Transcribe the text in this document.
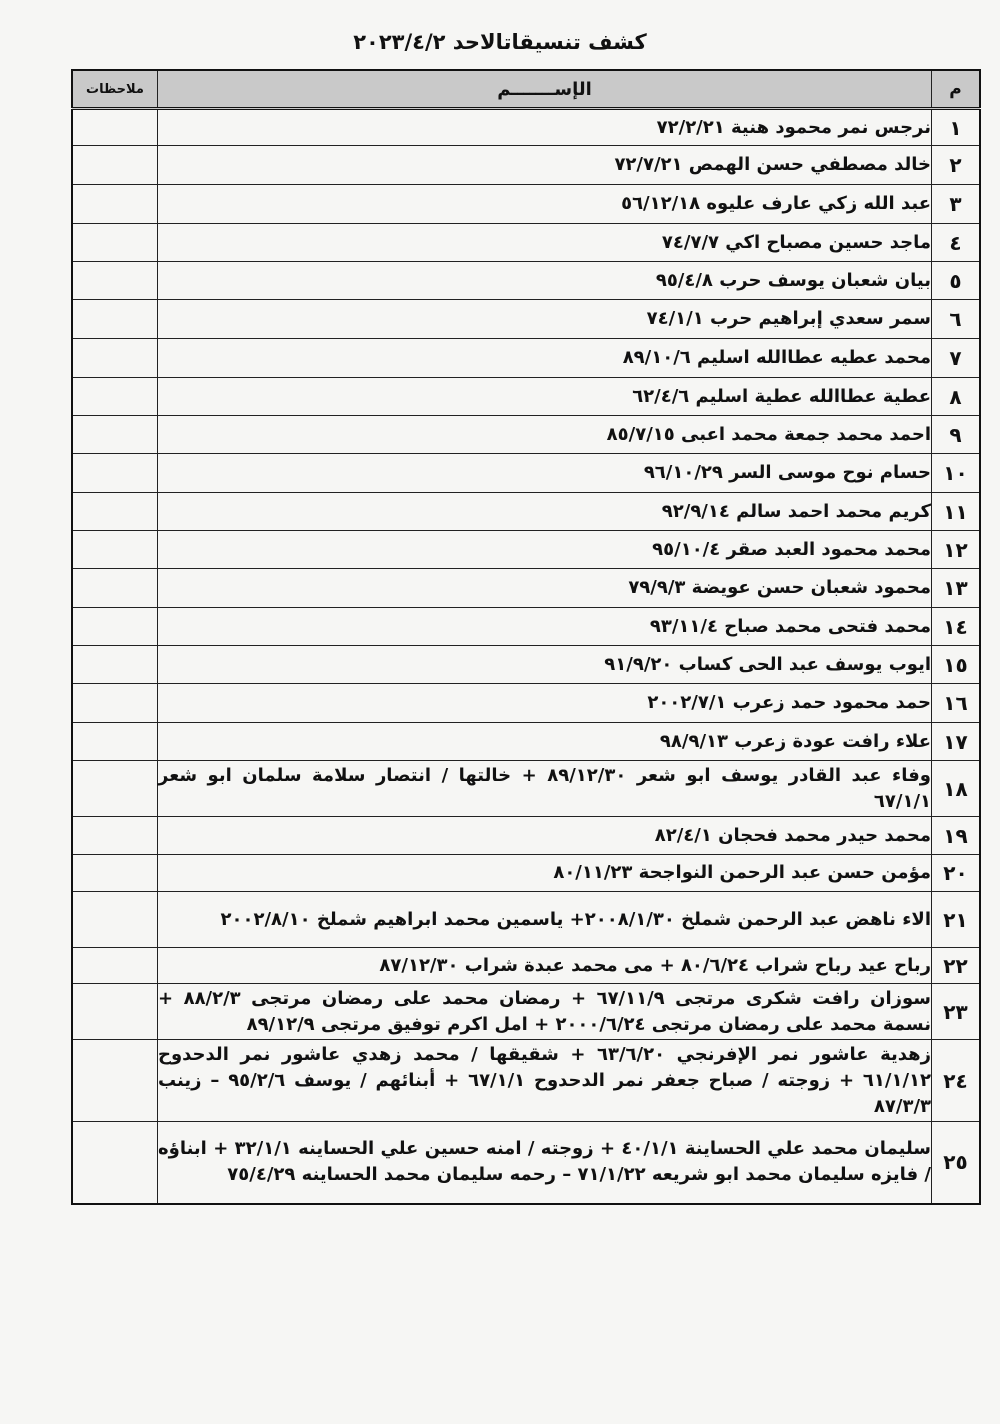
كشف تنسيقاتالاحد ٢٠٢٣/٤/٢
م	الإســـــــم	ملاحظات
١	نرجس نمر محمود هنية ٧٢/٢/٢١	
٢	خالد مصطفي حسن الهمص ٧٢/٧/٢١	
٣	عبد الله زكي عارف عليوه ٥٦/١٢/١٨	
٤	ماجد حسين مصباح اكي ٧٤/٧/٧	
٥	بيان شعبان يوسف حرب ٩٥/٤/٨	
٦	سمر سعدي إبراهيم حرب ٧٤/١/١	
٧	محمد عطيه عطاالله اسليم ٨٩/١٠/٦	
٨	عطية عطاالله عطية اسليم ٦٢/٤/٦	
٩	احمد محمد جمعة محمد اعبى ٨٥/٧/١٥	
١٠	حسام نوح موسى السر ٩٦/١٠/٢٩	
١١	كريم محمد احمد سالم ٩٢/٩/١٤	
١٢	محمد محمود العبد صقر ٩٥/١٠/٤	
١٣	محمود شعبان حسن عويضة ٧٩/٩/٣	
١٤	محمد فتحى محمد صباح ٩٣/١١/٤	
١٥	ايوب يوسف عبد الحى كساب ٩١/٩/٢٠	
١٦	حمد محمود حمد زعرب ٢٠٠٢/٧/١	
١٧	علاء رافت عودة زعرب ٩٨/٩/١٣	
١٨	وفاء عبد القادر يوسف ابو شعر ٨٩/١٢/٣٠ + خالتها / انتصار سلامة سلمان ابو شعر ٦٧/١/١	
١٩	محمد حيدر محمد فحجان ٨٢/٤/١	
٢٠	مؤمن حسن عبد الرحمن النواجحة ٨٠/١١/٢٣	
٢١	الاء ناهض عبد الرحمن شملخ ٢٠٠٨/١/٣٠+ ياسمين محمد ابراهيم شملخ ٢٠٠٢/٨/١٠	
٢٢	رباح عيد رباح شراب ٨٠/٦/٢٤ + مى محمد عبدة شراب ٨٧/١٢/٣٠	
٢٣	سوزان رافت شكرى مرتجى ٦٧/١١/٩ + رمضان محمد على رمضان مرتجى ٨٨/٢/٣ + نسمة محمد على رمضان مرتجى ٢٠٠٠/٦/٢٤ + امل اكرم توفيق مرتجى ٨٩/١٢/٩	
٢٤	زهدية عاشور نمر الإفرنجي ٦٣/٦/٢٠ + شقيقها / محمد زهدي عاشور نمر الدحدوح ٦١/١/١٢ + زوجته / صباح جعفر نمر الدحدوح ٦٧/١/١ + أبنائهم / يوسف ٩٥/٢/٦ – زينب ٨٧/٣/٣	
٢٥	سليمان محمد علي الحساينة ٤٠/١/١ + زوجته / امنه حسين علي الحساينه ٣٢/١/١ + ابناؤه / فايزه سليمان محمد ابو شريعه ٧١/١/٢٢ – رحمه سليمان محمد الحساينه ٧٥/٤/٢٩	
